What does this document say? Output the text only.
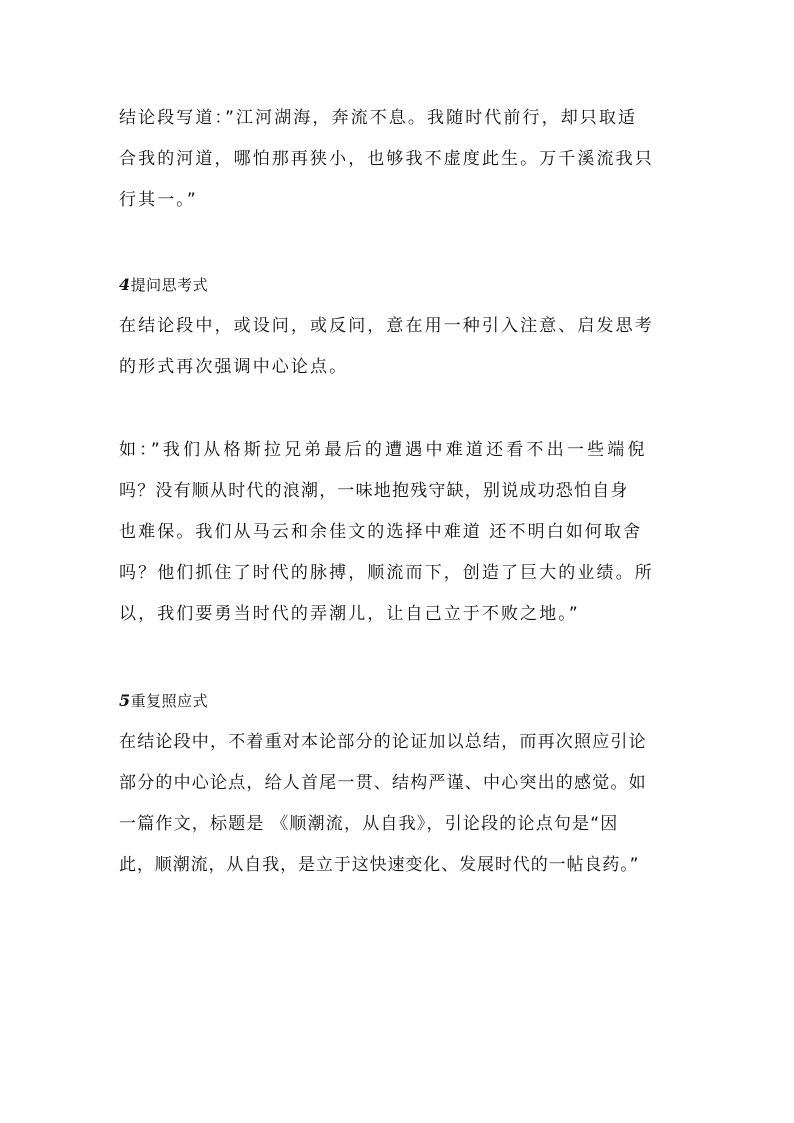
结论段写道：”江河湖海，奔流不息。我随时代前行，却只取适
合我的河道，哪怕那再狭小，也够我不虚度此生。万千溪流我只
行其一。”
4提问思考式
在结论段中，或设问，或反问，意在用一种引入注意、启发思考
的形式再次强调中心论点。
如：”我们从格斯拉兄弟最后的遭遇中难道还看不出一些端倪
吗？没有顺从时代的浪潮，一味地抱残守缺，别说成功恐怕自身
也难保。我们从马云和余佳文的选择中难道 还不明白如何取舍
吗？他们抓住了时代的脉搏，顺流而下，创造了巨大的业绩。所
以，我们要勇当时代的弄潮儿，让自己立于不败之地。”
5重复照应式
在结论段中，不着重对本论部分的论证加以总结，而再次照应引论
部分的中心论点，给人首尾一贯、结构严谨、中心突出的感觉。如
一篇作文，标题是 《顺潮流，从自我》，引论段的论点句是“因
此，顺潮流，从自我，是立于这快速变化、发展时代的一帖良药。”
